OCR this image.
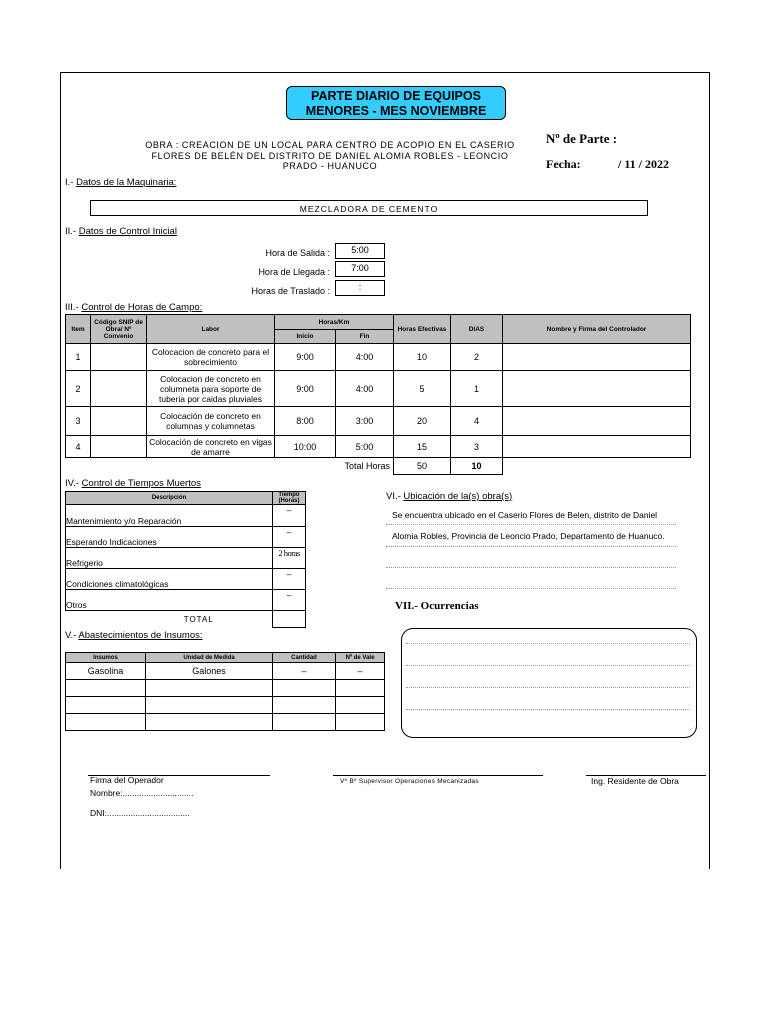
PARTE DIARIO DE EQUIPOS
MENORES - MES NOVIEMBRE
OBRA : CREACION DE UN LOCAL PARA CENTRO DE ACOPIO EN EL CASERIO
FLORES DE BELÉN DEL DISTRITO DE DANIEL ALOMIA ROBLES - LEONCIO
PRADO - HUANUCO
Nº de Parte :
Fecha:	/ 11 / 2022
I.- Datos de la Maquinaria:
MEZCLADORA DE CEMENTO
II.- Datos de Control Inicial
Hora de Salida :	5:00
Hora de Llegada :	7:00
Horas de Traslado :	:
III.- Control de Horas de Campo:
Item	Código SNIP de Obra/ Nº Convenio	Labor	Horas/Km		Horas Efectivas	DIAS	Nombre y Firma del Controlador
			Inicio	Fin			
1		Colocacion de concreto para el sobrecimiento	9:00	4:00	10	2	
2		Colocacion de concreto en columneta para soporte de tuberia por caidas pluviales	9:00	4:00	5	1	
3		Colocación de concreto en columnas y columnetas	8:00	3:00	20	4	
4		Colocación de concreto en vigas de amarre	10:00	5:00	15	3	
Total Horas					50	10	
IV.- Control de Tiempos Muertos
Descripción	Tiempo (Horas)
Mantenimiento y/o Reparación	–
Esperando Indicaciones	–
Refrigerio	2 horas
Condiciones climatológicas	–
Otros	–
TOTAL	
V.- Abastecimientos de Insumos:
Insumos	Unidad de Medida	Cantidad	Nº de Vale
Gasolina	Galones	–	–

VI.- Ubicación de la(s) obra(s)
Se encuentra ubicado en el Caserio Flores de Belen, distrito de Daniel
Alomia Robles, Provincia de Leoncio Prado, Departamento de Huanuco.
VII.- Ocurrencias
Firma del Operador
Nombre:..............................
DNI:...................................
Vº Bº Supervisor Operaciones Mecanizadas	Ing. Residente de Obra
